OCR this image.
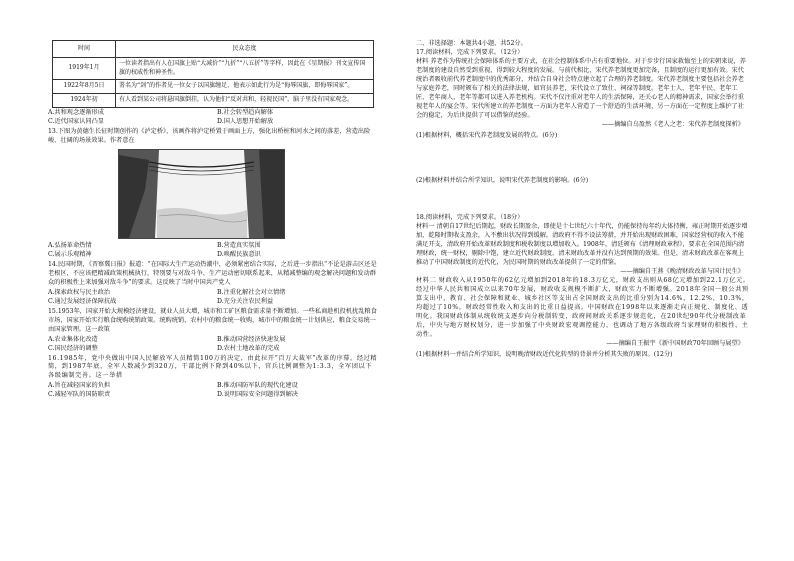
时间	民众态度
1919年1月	一位读者指出有人在国旗上贴“大减价”“九折”“八五折”等字样，因此在《星期报》刊文宣传国旗的权威性和神圣性。
1922年8月5日	署名为“剑”的作者见一位女子以国旗缠足，他表示如此行为是“侮辱国旗，即侮辱国家”。
1924年初	有人看到某公司将悬国旗倒挂，认为他们“反对共和，轻视民国”，脑子里没有国家观念。
A.共和观念逐渐形成	B.社会转型趋向解体
C.近代国家认同凸显	D.国人思想开始解放
13.下图为黄德生长征时期创作的《泸定桥》，该画作将泸定桥置于画面上方，强化出桥桩和河水之间的落差，营造出险峻、壮阔的场景效果。作者意在
A.弘扬革命热情	B.营造真实氛围
C.展示乐观精神	D.唤醒民族意识
14.民国时期，《晋察冀日报》报道：“在国际大生产运动热潮中，必须紧密结合实际，之后进一步指出“不论是游击区还是老根区，不应该把精减政策机械执行，特别要与对敌斗争、生产运动密切联系起来，从精减整编的观念解决问题和发动群众的积极性上来加强对敌斗争”的要求。这反映了当时中国共产党人
A.探索政权与民主政治	B.注重化解社会对立情绪
C.通过发展经济保障抗战	D.充分关注农民利益
15.1953年，国家开始大规模经济建设，就业人员大增，城市和工矿区粮食需求量不断增加。一些私商趁机投机扰乱粮食市场，国家开始实行粮食统购统销政策。统购统销，农村中的粮食统一收购，城市中的粮食统一计划供应，粮食交易统一由国家管理。这一政策
A.农业集体化改造	B.推动国营经济快速发展
C.国民经济的调整	D.农村土地改革的完成
16.1985年，党中央做出中国人民解放军人员精简100万的决定，由此拉开“百万大裁军”改革的序幕。经过精简，到1987年底，全军人数减少到320万，干部比例下降到40%以下，官兵比例调整为1:3.3，全军团以下各级编制完善。这一举措
A.旨在减轻国家的负担	B.推动国防军队的现代化建设
C.减轻军队的国防职责	D.说明国际安全问题得到解决
二、非选择题：本题共4小题，共52分。
17.阅读材料，完成下列要求。（12分）
材料 养老作为传统社会保障体系的主要方式，在社会控制体系中占有重要地位。对于步步行国家救恤至上的宋朝来说，养老制度的建设自然受到重视，得到较大程度的发展。与前代相比，宋代养老制度更加完备，且制度的运行更加有效。宋代统治者吸收前代养老制度中的优秀部分，并结合自身社会特点建立起了合理的养老制度。宋代养老制度主要包括社会养老与家庭养老，同时颁布了相关的法律法规，如官员养老，宋代设立了致仕、祠禄等制度。老年士人、老年平民、老年工匠、老年商人，老年等都可以进入养老机构。宋代不仅注重对老年人的生活保障，还关心老人的精神需求，国家会举行重视老年人的宴会等。宋代所建立的养老制度一方面为老年人营造了一个舒适的生活环境，另一方面在一定程度上维护了社会的稳定，为后世提供了可以借鉴的经验。
——摘编自乌盈然《老人之老：宋代养老制度探析》
(1)根据材料，概括宋代养老制度发展的特点。(6分)
(2)根据材料并结合所学知识，说明宋代养老制度的影响。(6分)
18.阅读材料，完成下列要求。（18分）
材料一 清朝自17世纪后期起，财政长期盈余，即使是十七世纪六十年代，仍能保持每年约大体持衡，雍正时期开始逐步增加，乾隆时期收支盈余，入不敷出状况得到缓解。清政府不得不设法筹措，并开始出现财政困难，国家经营权的收入不能满足开支，清政府开始改革财政制度和税收制度以增加收入。1908年，清廷颁布《清理财政章程》，要求在全国范围内清理财政，统一财权，剔除中饱，建立近代财政制度。清末财政改革并没有达到预期的效果。但是，清末财政改革在客观上推动了中国财政制度的近代化，为民国时期的财政改革提供了一定的借鉴。
——摘编自王燕《晚清财政改革与国计民生》
材料二 财政收入从1950年的62亿元增加到2018年的18.3万亿元，财政支出则从68亿元增加到22.1万亿元。经过中华人民共和国成立以来70年发展，财政收支规模不断扩大，财政实力不断增强。2018年全国一般公共预算支出中，教育、社会保障和就业、城乡社区等支出占全国财政支出的比重分别为14.6%、12.2%、10.3%，均超过了10%。财政经常性收入和支出的比重日益提高。中国财政在1998年以来逐渐走向正规化、制度化、透明化。我国财政体制从统收统支逐步向分税制转变，政府间财政关系逐步规范化，在20世纪90年代分税制改革后，中央与地方财权划分，进一步加强了中央财政宏观调控能力，也调动了地方各级政府当家理财的积极性、主动性。
——摘编自王振宇《新中国财政70年回顾与展望》
(1)根据材料一并结合所学知识，说明晚清财政近代化转型的背景并分析其失败的原因。(12分)
